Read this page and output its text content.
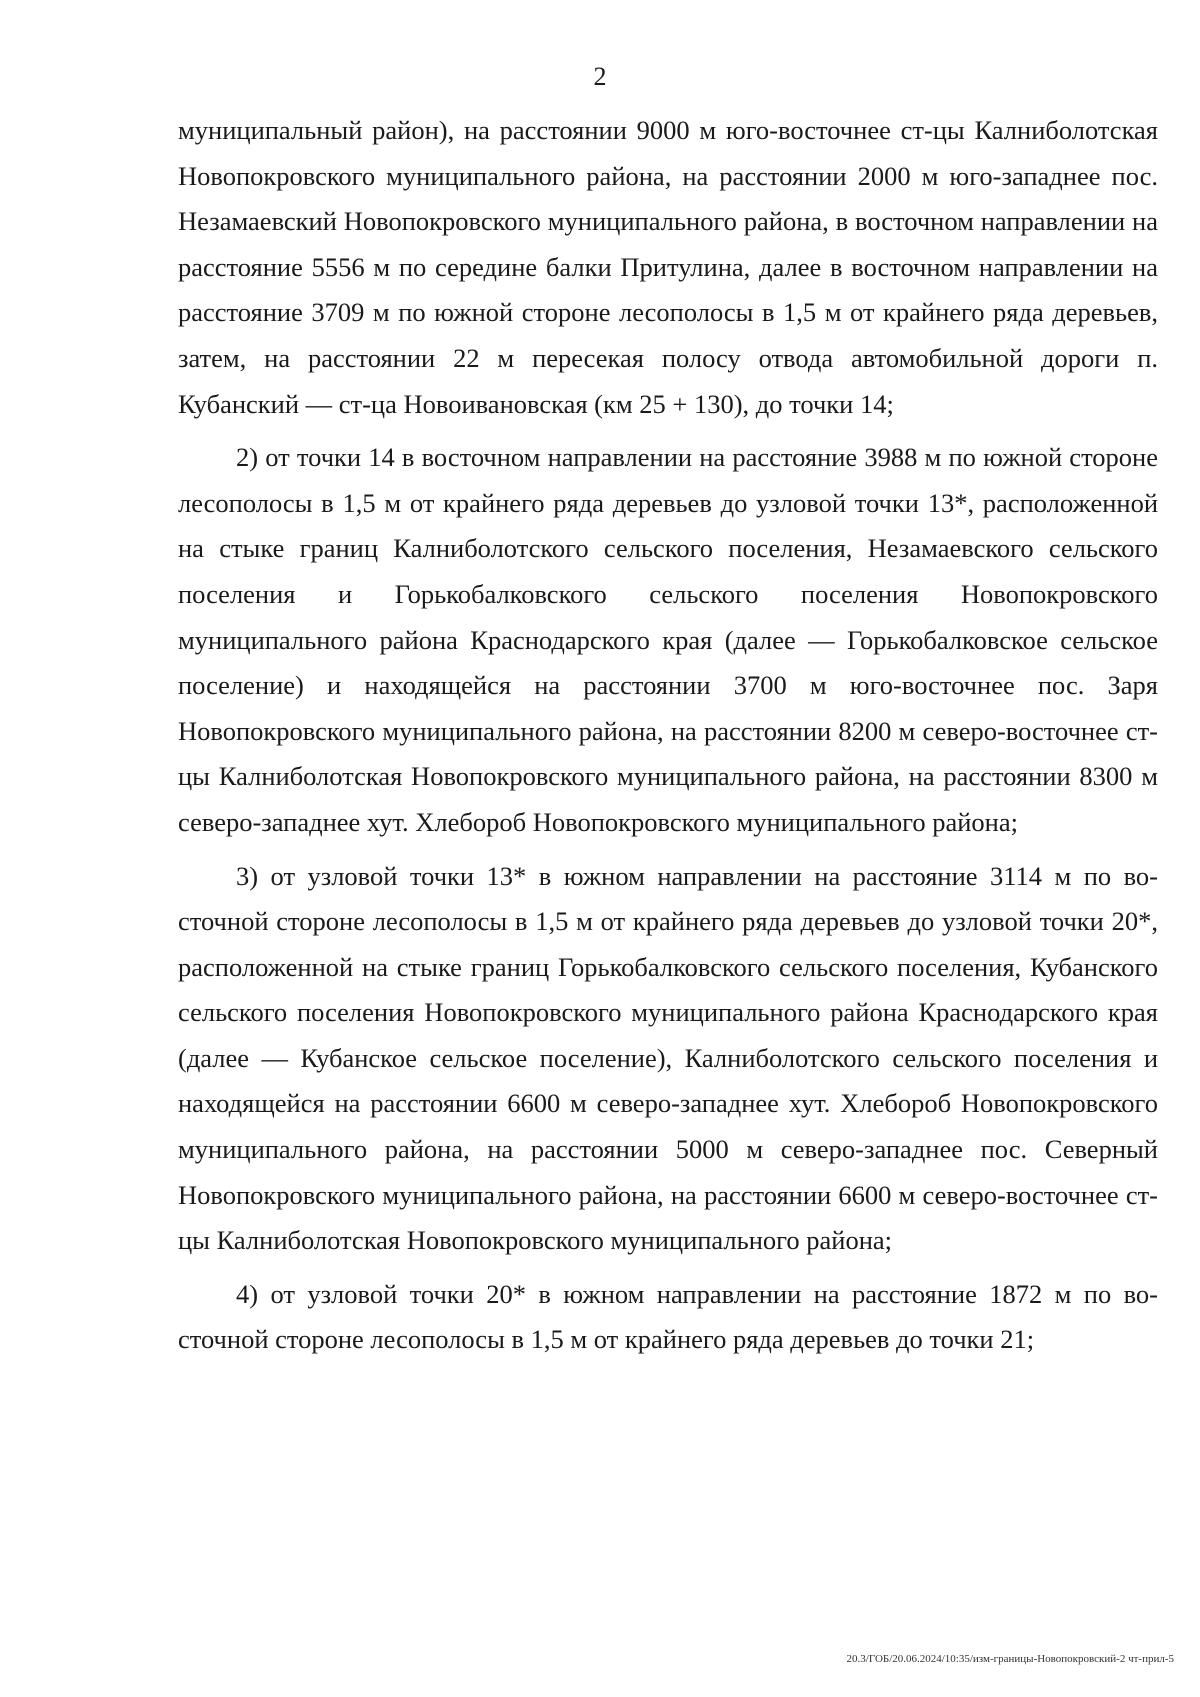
2

муниципальный район), на расстоянии 9000 м юго-восточнее ст-цы Калниболотская Новопокровского муниципального района, на расстоянии 2000 м юго-западнее пос. Незамаевский Новопокровского муниципального района, в восточном направлении на расстояние 5556 м по середине балки Притулина, далее в восточном направлении на расстояние 3709 м по южной стороне лесополосы в 1,5 м от крайнего ряда деревьев, затем, на расстоянии 22 м пересекая полосу отвода автомобильной дороги п. Кубанский — ст-ца Новоивановская (км 25 + 130), до точки 14;

2) от точки 14 в восточном направлении на расстояние 3988 м по южной стороне лесополосы в 1,5 м от крайнего ряда деревьев до узловой точки 13*, расположенной на стыке границ Калниболотского сельского поселения, Незамаевского сельского поселения и Горькобалковского сельского поселения Новопокровского муниципального района Краснодарского края (далее — Горькобалковское сельское поселение) и находящейся на расстоянии 3700 м юго-восточнее пос. Заря Новопокровского муниципального района, на расстоянии 8200 м северо-восточнее ст-цы Калниболотская Новопокровского муниципального района, на расстоянии 8300 м северо-западнее хут. Хлебороб Новопокровского муниципального района;

3) от узловой точки 13* в южном направлении на расстояние 3114 м по восточной стороне лесополосы в 1,5 м от крайнего ряда деревьев до узловой точки 20*, расположенной на стыке границ Горькобалковского сельского поселения, Кубанского сельского поселения Новопокровского муниципального района Краснодарского края (далее — Кубанское сельское поселение), Калниболотского сельского поселения и находящейся на расстоянии 6600 м северо-западнее хут. Хлебороб Новопокровского муниципального района, на расстоянии 5000 м северо-западнее пос. Северный Новопокровского муниципального района, на расстоянии 6600 м северо-восточнее ст-цы Калниболотская Новопокровского муниципального района;

4) от узловой точки 20* в южном направлении на расстояние 1872 м по восточной стороне лесополосы в 1,5 м от крайнего ряда деревьев до точки 21;

20.3/ГОБ/20.06.2024/10:35/изм-границы-Новопокровский-2 чт-прил-5
